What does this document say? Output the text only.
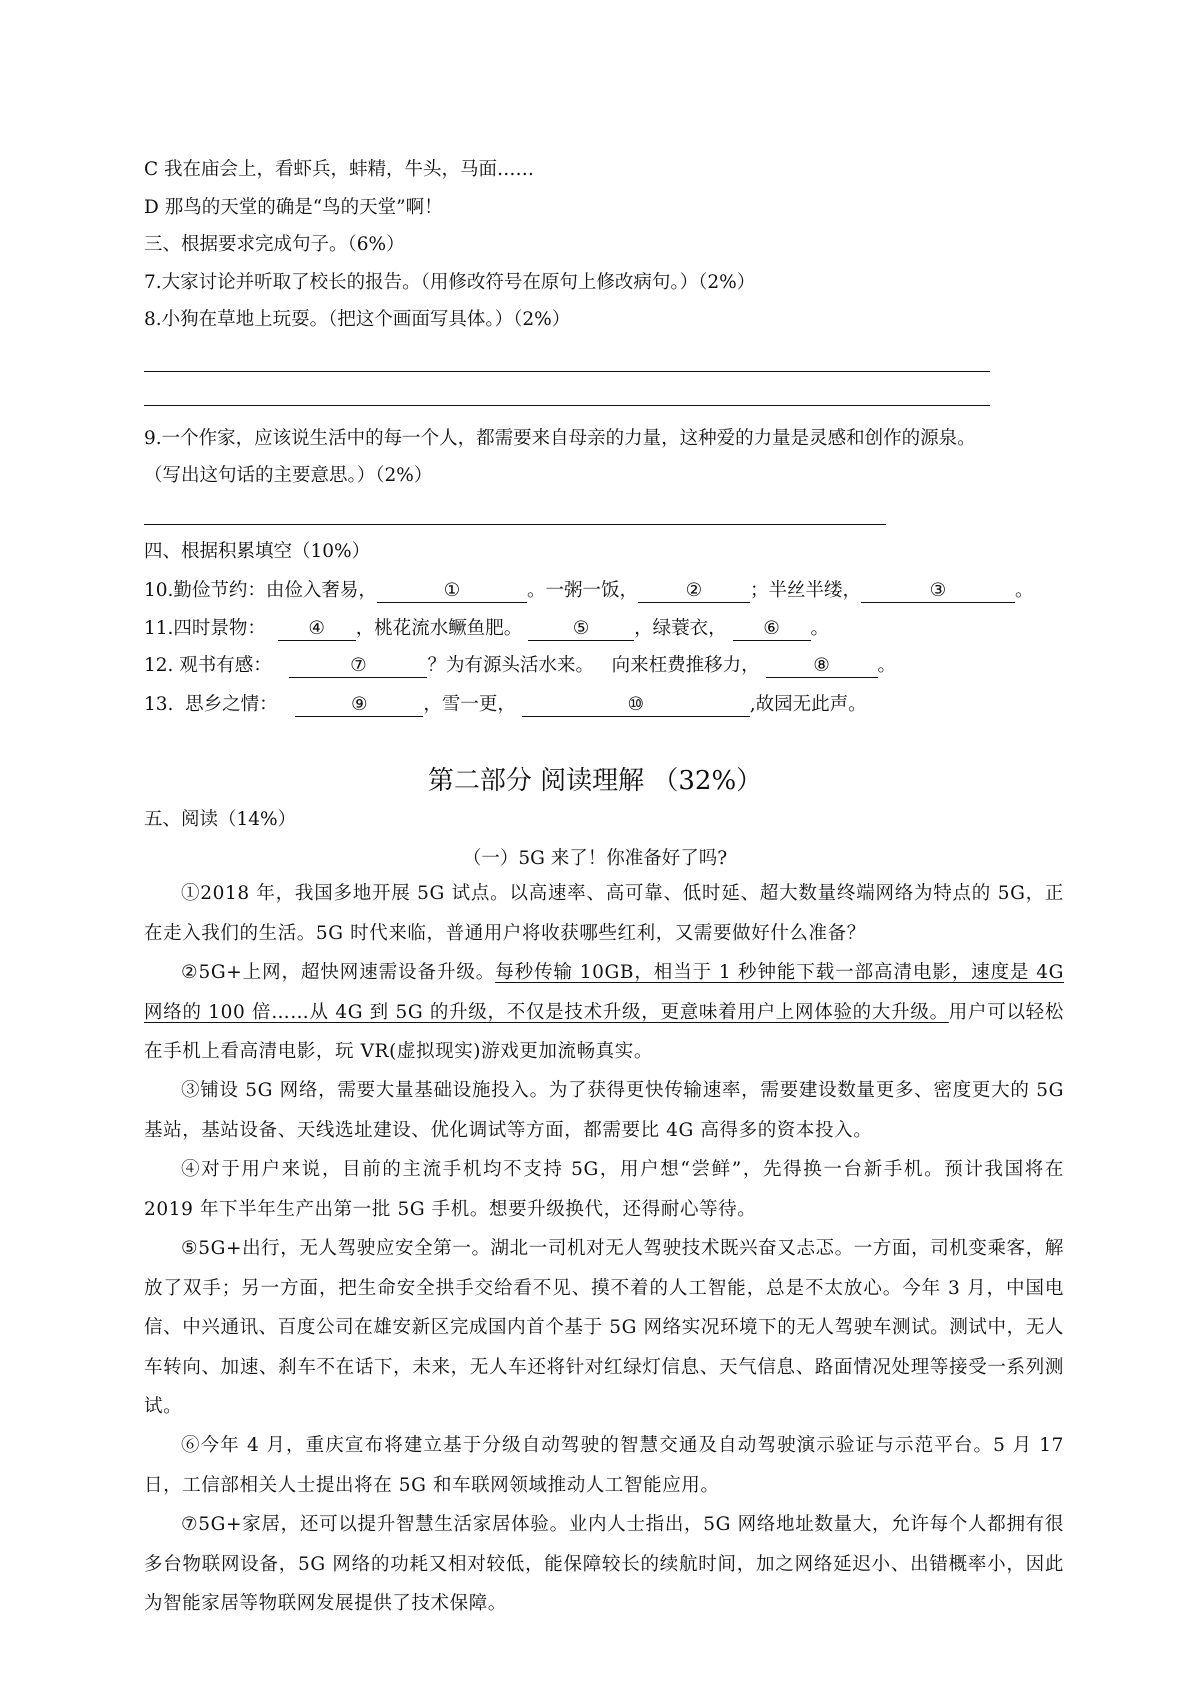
C 我在庙会上，看虾兵，蚌精，牛头，马面……
D 那鸟的天堂的确是“鸟的天堂”啊！
三、根据要求完成句子。（6%）
7.大家讨论并听取了校长的报告。（用修改符号在原句上修改病句。）（2%）
8.小狗在草地上玩耍。（把这个画面写具体。）（2%）
9.一个作家，应该说生活中的每一个人，都需要来自母亲的力量，这种爱的力量是灵感和创作的源泉。
（写出这句话的主要意思。）（2%）
四、根据积累填空（10%）
10.勤俭节约：由俭入奢易，	①	。一粥一饭，	②	；半丝半缕，	③	。
11.四时景物： ④ ，桃花流水鳜鱼肥。	⑤ ，绿蓑衣， ⑥ 。
12. 观书有感：	⑦	？为有源头活水来。   向来枉费推移力，	⑧	。
13.  思乡之情：	⑨	，雪一更，	⑩	,故园无此声。
第二部分 阅读理解 （32%）
五、阅读（14%）
（一）5G 来了！你准备好了吗?
①2018 年，我国多地开展 5G 试点。以高速率、高可靠、低时延、超大数量终端网络为特点的 5G，正在走入我们的生活。5G 时代来临，普通用户将收获哪些红利，又需要做好什么准备？
②5G+上网，超快网速需设备升级。每秒传输 10GB，相当于 1 秒钟能下载一部高清电影，速度是 4G 网络的 100 倍……从 4G 到 5G 的升级，不仅是技术升级，更意味着用户上网体验的大升级。用户可以轻松在手机上看高清电影，玩 VR(虚拟现实)游戏更加流畅真实。
③铺设 5G 网络，需要大量基础设施投入。为了获得更快传输速率，需要建设数量更多、密度更大的 5G 基站，基站设备、天线选址建设、优化调试等方面，都需要比 4G 高得多的资本投入。
④对于用户来说，目前的主流手机均不支持 5G，用户想“尝鲜”，先得换一台新手机。预计我国将在 2019 年下半年生产出第一批 5G 手机。想要升级换代，还得耐心等待。
⑤5G+出行，无人驾驶应安全第一。湖北一司机对无人驾驶技术既兴奋又忐忑。一方面，司机变乘客，解放了双手；另一方面，把生命安全拱手交给看不见、摸不着的人工智能，总是不太放心。今年 3 月，中国电信、中兴通讯、百度公司在雄安新区完成国内首个基于 5G 网络实况环境下的无人驾驶车测试。测试中，无人车转向、加速、刹车不在话下，未来，无人车还将针对红绿灯信息、天气信息、路面情况处理等接受一系列测试。
⑥今年 4 月，重庆宣布将建立基于分级自动驾驶的智慧交通及自动驾驶演示验证与示范平台。5 月 17 日，工信部相关人士提出将在 5G 和车联网领域推动人工智能应用。
⑦5G+家居，还可以提升智慧生活家居体验。业内人士指出，5G 网络地址数量大，允许每个人都拥有很多台物联网设备，5G 网络的功耗又相对较低，能保障较长的续航时间，加之网络延迟小、出错概率小，因此为智能家居等物联网发展提供了技术保障。
